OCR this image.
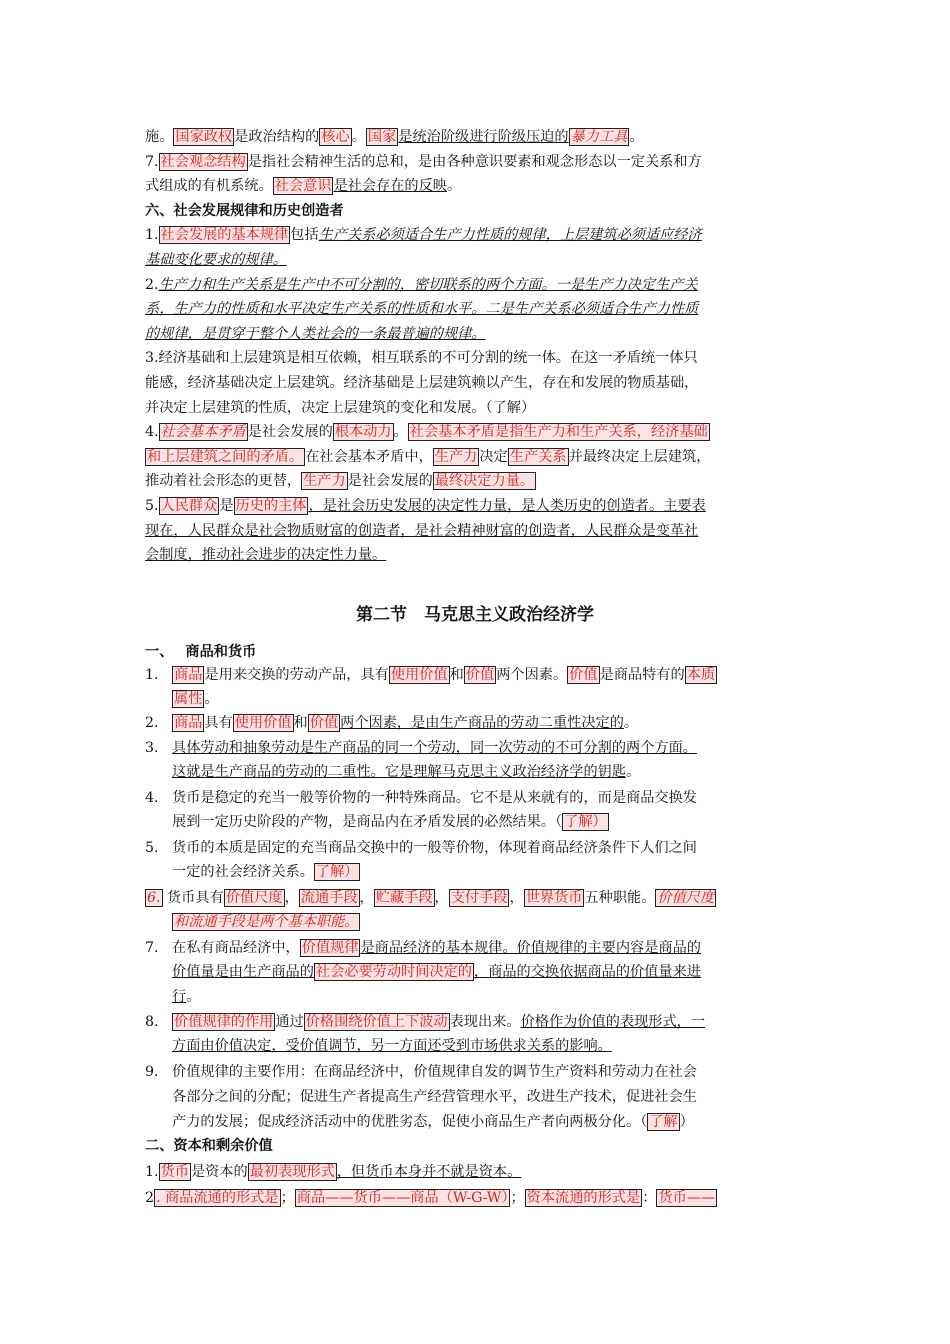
施。 国家政权 是政治结构的 核心 。 国家 是统治阶级进行阶级压迫的 暴力工具 。
7. 社会观念结构 是指社会精神生活的总和，是由各种意识要素和观念形态以一定关系和方
式组成的有机系统。 社会意识 是社会存在的反映。
六、社会发展规律和历史创造者
1. 社会发展的基本规律 包括生产关系必须适合生产力性质的规律，上层建筑必须适应经济
基础变化要求的规律。
2.生产力和生产关系是生产中不可分割的，密切联系的两个方面。一是生产力决定生产关
系，生产力的性质和水平决定生产关系的性质和水平。二是生产关系必须适合生产力性质
的规律，是贯穿于整个人类社会的一条最普遍的规律。
3.经济基础和上层建筑是相互依赖，相互联系的不可分割的统一体。在这一矛盾统一体只
能感，经济基础决定上层建筑。经济基础是上层建筑赖以产生，存在和发展的物质基础，
并决定上层建筑的性质，决定上层建筑的变化和发展。（了解）
4. 社会基本矛盾 是社会发展的 根本动力 。 社会基本矛盾是指生产力和生产关系，经济基础
和上层建筑之间的矛盾。 在社会基本矛盾中， 生产力 决定 生产关系 并最终决定上层建筑，
推动着社会形态的更替， 生产力 是社会发展的 最终决定力量。
5. 人民群众 是 历史的主体 ，是社会历史发展的决定性力量，是人类历史的创造者。主要表
现在，人民群众是社会物质财富的创造者，是社会精神财富的创造者，人民群众是变革社
会制度，推动社会进步的决定性力量。
第二节　马克思主义政治经济学
一、　 商品和货币
1. 商品 是用来交换的劳动产品，具有 使用价值 和 价值 两个因素。 价值 是商品特有的 本质
属性 。
2. 商品 具有 使用价值 和 价值 两个因素，是由生产商品的劳动二重性决定的。
3. 具体劳动和抽象劳动是生产商品的同一个劳动，同一次劳动的不可分割的两个方面。
这就是生产商品的劳动的二重性。它是理解马克思主义政治经济学的钥匙。
4. 货币是稳定的充当一般等价物的一种特殊商品。它不是从来就有的，而是商品交换发
展到一定历史阶段的产物，是商品内在矛盾发展的必然结果。（ 了解）
5. 货币的本质是固定的充当商品交换中的一般等价物，体现着商品经济条件下人们之间
一定的社会经济关系。 了解）
6. 货币具有 价值尺度 ， 流通手段 ， 贮藏手段 ， 支付手段 ， 世界货币 五种职能。 价值尺度
和流通手段是两个基本职能。
7. 在私有商品经济中， 价值规律 是商品经济的基本规律。价值规律的主要内容是商品的
价值量是由生产商品的 社会必要劳动时间决定的 ，商品的交换依据商品的价值量来进
行。
8. 价值规律的作用 通过 价格围绕价值上下波动 表现出来。价格作为价值的表现形式，一
方面由价值决定，受价值调节，另一方面还受到市场供求关系的影响。
9. 价值规律的主要作用：在商品经济中，价值规律自发的调节生产资料和劳动力在社会
各部分之间的分配；促进生产者提高生产经营管理水平，改进生产技术，促进社会生
产力的发展；促成经济活动中的优胜劣态，促使小商品生产者向两极分化。（ 了解 ）
二、资本和剩余价值
1. 货币 是资本的 最初表现形式 ，但货币本身并不就是资本。
2 . 商品流通的形式是 ； 商品——货币——商品（W-G-W） ； 资本流通的形式是 ： 货币——
